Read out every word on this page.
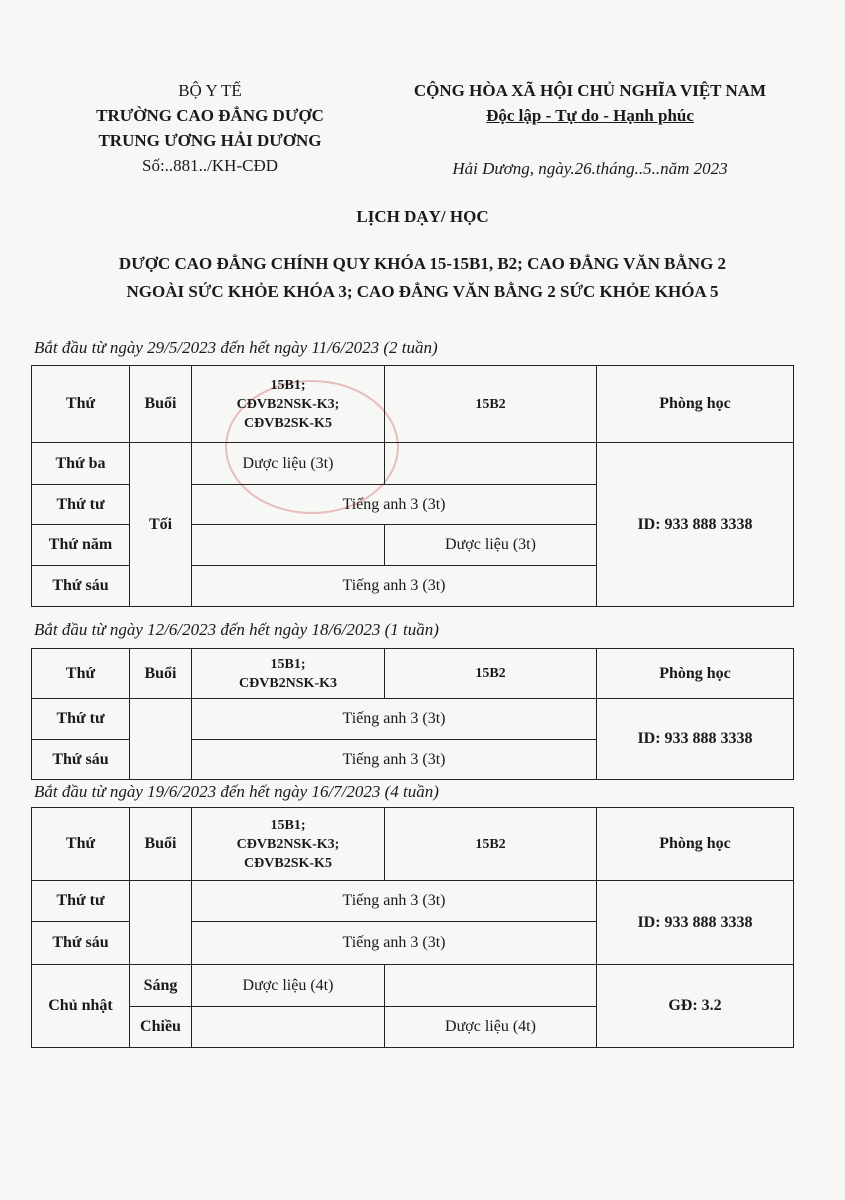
BỘ Y TẾ
TRƯỜNG CAO ĐẲNG DƯỢC
TRUNG ƯƠNG HẢI DƯƠNG
Số:..881../KH-CĐD
CỘNG HÒA XÃ HỘI CHỦ NGHĨA VIỆT NAM
Độc lập - Tự do - Hạnh phúc
Hải Dương, ngày.26.tháng..5..năm 2023
LỊCH DẠY/ HỌC
DƯỢC CAO ĐẲNG CHÍNH QUY KHÓA 15-15B1, B2; CAO ĐẲNG VĂN BẰNG 2
NGOÀI SỨC KHỎE KHÓA 3; CAO ĐẲNG VĂN BẰNG 2 SỨC KHỎE KHÓA 5
Bắt đầu từ ngày 29/5/2023 đến hết ngày 11/6/2023 (2 tuần)
Thứ	Buổi	15B1;
CĐVB2NSK-K3;
CĐVB2SK-K5	15B2	Phòng học
Thứ ba	Tối	Dược liệu (3t)		ID: 933 888 3338
Thứ tư		Tiếng anh 3 (3t)		
Thứ năm			Dược liệu (3t)	
Thứ sáu		Tiếng anh 3 (3t)		
Bắt đầu từ ngày 12/6/2023 đến hết ngày 18/6/2023 (1 tuần)
Thứ	Buổi	15B1;
CĐVB2NSK-K3	15B2	Phòng học
Thứ tư		Tiếng anh 3 (3t)		ID: 933 888 3338
Thứ sáu		Tiếng anh 3 (3t)		
Bắt đầu từ ngày 19/6/2023 đến hết ngày 16/7/2023 (4 tuần)
Thứ	Buổi	15B1;
CĐVB2NSK-K3;
CĐVB2SK-K5	15B2	Phòng học
Thứ tư		Tiếng anh 3 (3t)		ID: 933 888 3338
Thứ sáu		Tiếng anh 3 (3t)		
Chủ nhật	Sáng	Dược liệu (4t)		GĐ: 3.2
	Chiều		Dược liệu (4t)	
